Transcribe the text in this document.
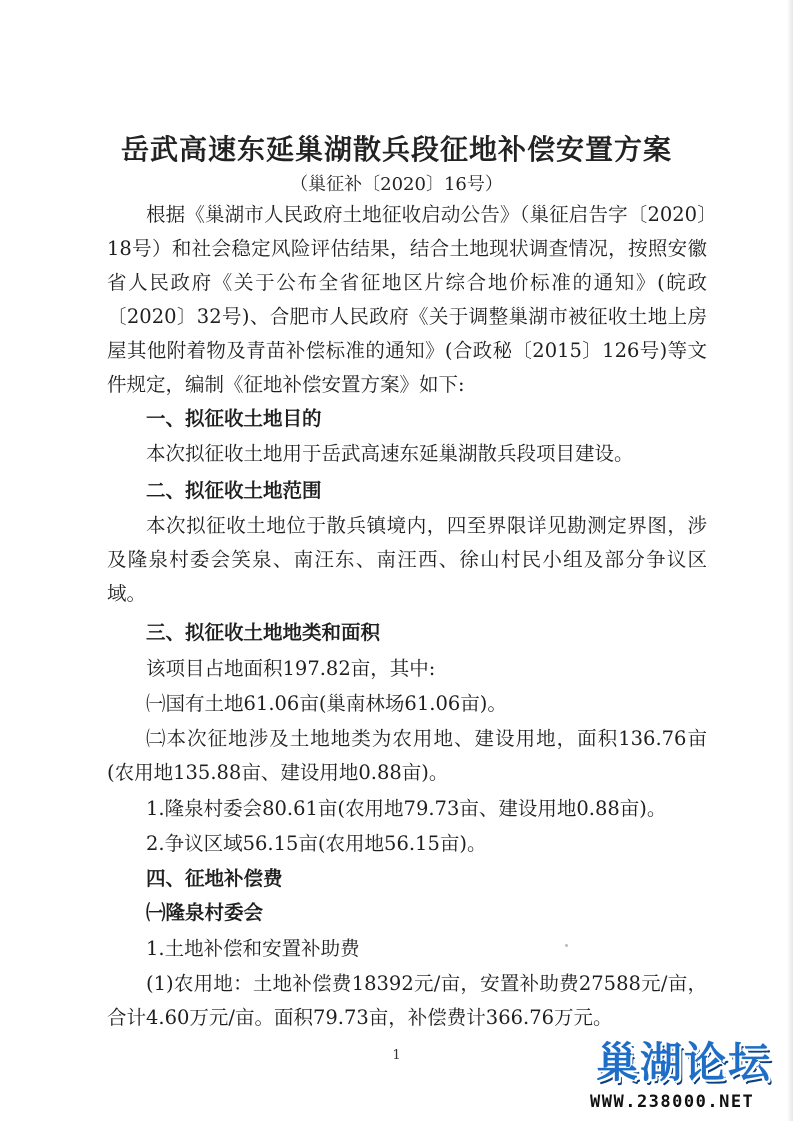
岳武高速东延巢湖散兵段征地补偿安置方案
（巢征补〔2020〕16号）

根据《巢湖市人民政府土地征收启动公告》（巢征启告字〔2020〕18号）和社会稳定风险评估结果，结合土地现状调查情况，按照安徽省人民政府《关于公布全省征地区片综合地价标准的通知》(皖政〔2020〕32号)、合肥市人民政府《关于调整巢湖市被征收土地上房屋其他附着物及青苗补偿标准的通知》(合政秘〔2015〕126号)等文件规定，编制《征地补偿安置方案》如下:

一、拟征收土地目的
本次拟征收土地用于岳武高速东延巢湖散兵段项目建设。
二、拟征收土地范围

本次拟征收土地位于散兵镇境内，四至界限详见勘测定界图，涉及隆泉村委会笑泉、南汪东、南汪西、徐山村民小组及部分争议区域。

三、拟征收土地地类和面积
该项目占地面积197.82亩，其中:
㈠国有土地61.06亩(巢南林场61.06亩)。

㈡本次征地涉及土地地类为农用地、建设用地，面积136.76亩(农用地135.88亩、建设用地0.88亩)。

1.隆泉村委会80.61亩(农用地79.73亩、建设用地0.88亩)。
2.争议区域56.15亩(农用地56.15亩)。
四、征地补偿费
㈠隆泉村委会
1.土地补偿和安置补助费

(1)农用地：土地补偿费18392元/亩，安置补助费27588元/亩，合计4.60万元/亩。面积79.73亩，补偿费计366.76万元。

1	巢湖论坛
WWW.238000.NET
